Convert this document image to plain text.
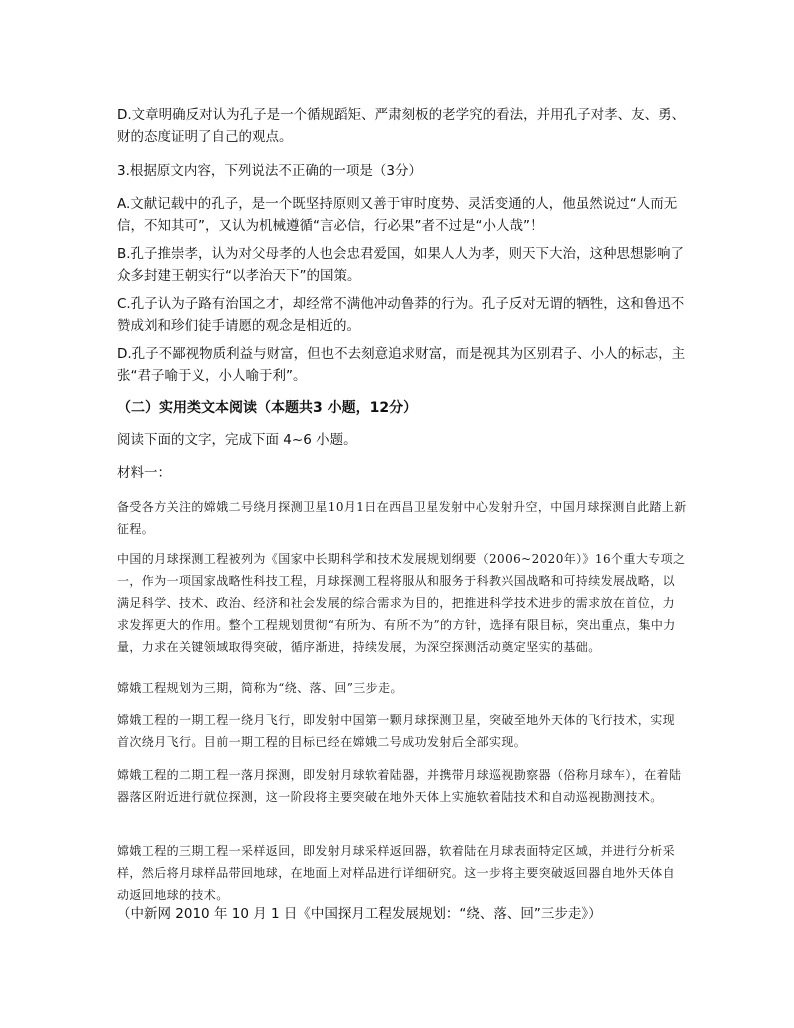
D.文章明确反对认为孔子是一个循规蹈矩、严肃刻板的老学究的看法，并用孔子对孝、友、勇、财的态度证明了自己的观点。

3.根据原文内容，下列说法不正确的一项是（3分）

A.文献记载中的孔子，是一个既坚持原则又善于审时度势、灵活变通的人，他虽然说过“人而无信，不知其可”，又认为机械遵循“言必信，行必果”者不过是“小人哉”！

B.孔子推崇孝，认为对父母孝的人也会忠君爱国，如果人人为孝，则天下大治，这种思想影响了众多封建王朝实行“以孝治天下”的国策。

C.孔子认为子路有治国之才，却经常不满他冲动鲁莽的行为。孔子反对无谓的牺牲，这和鲁迅不赞成刘和珍们徒手请愿的观念是相近的。

D.孔子不鄙视物质利益与财富，但也不去刻意追求财富，而是视其为区别君子、小人的标志，主张“君子喻于义，小人喻于利”。

（二）实用类文本阅读（本题共3 小题，12分）

阅读下面的文字，完成下面 4~6 小题。

材料一：

备受各方关注的嫦娥二号绕月探测卫星10月1日在西昌卫星发射中心发射升空，中国月球探测自此踏上新征程。

中国的月球探测工程被列为《国家中长期科学和技术发展规划纲要（2006~2020年）》16个重大专项之一，作为一项国家战略性科技工程，月球探测工程将服从和服务于科教兴国战略和可持续发展战略，以满足科学、技术、政治、经济和社会发展的综合需求为目的，把推进科学技术进步的需求放在首位，力求发挥更大的作用。整个工程规划贯彻“有所为、有所不为”的方针，选择有限目标，突出重点，集中力量，力求在关键领域取得突破，循序渐进，持续发展，为深空探测活动奠定坚实的基础。

嫦娥工程规划为三期，简称为“绕、落、回”三步走。

嫦娥工程的一期工程一绕月飞行，即发射中国第一颗月球探测卫星，突破至地外天体的飞行技术，实现首次绕月飞行。目前一期工程的目标已经在嫦娥二号成功发射后全部实现。

嫦娥工程的二期工程一落月探测，即发射月球软着陆器，并携带月球巡视勘察器（俗称月球车），在着陆器落区附近进行就位探测，这一阶段将主要突破在地外天体上实施软着陆技术和自动巡视勘测技术。

嫦娥工程的三期工程一采样返回，即发射月球采样返回器，软着陆在月球表面特定区域，并进行分析采样，然后将月球样品带回地球，在地面上对样品进行详细研究。这一步将主要突破返回器自地外天体自动返回地球的技术。

（中新网 2010 年 10 月 1 日《中国探月工程发展规划：“绕、落、回”三步走》）
